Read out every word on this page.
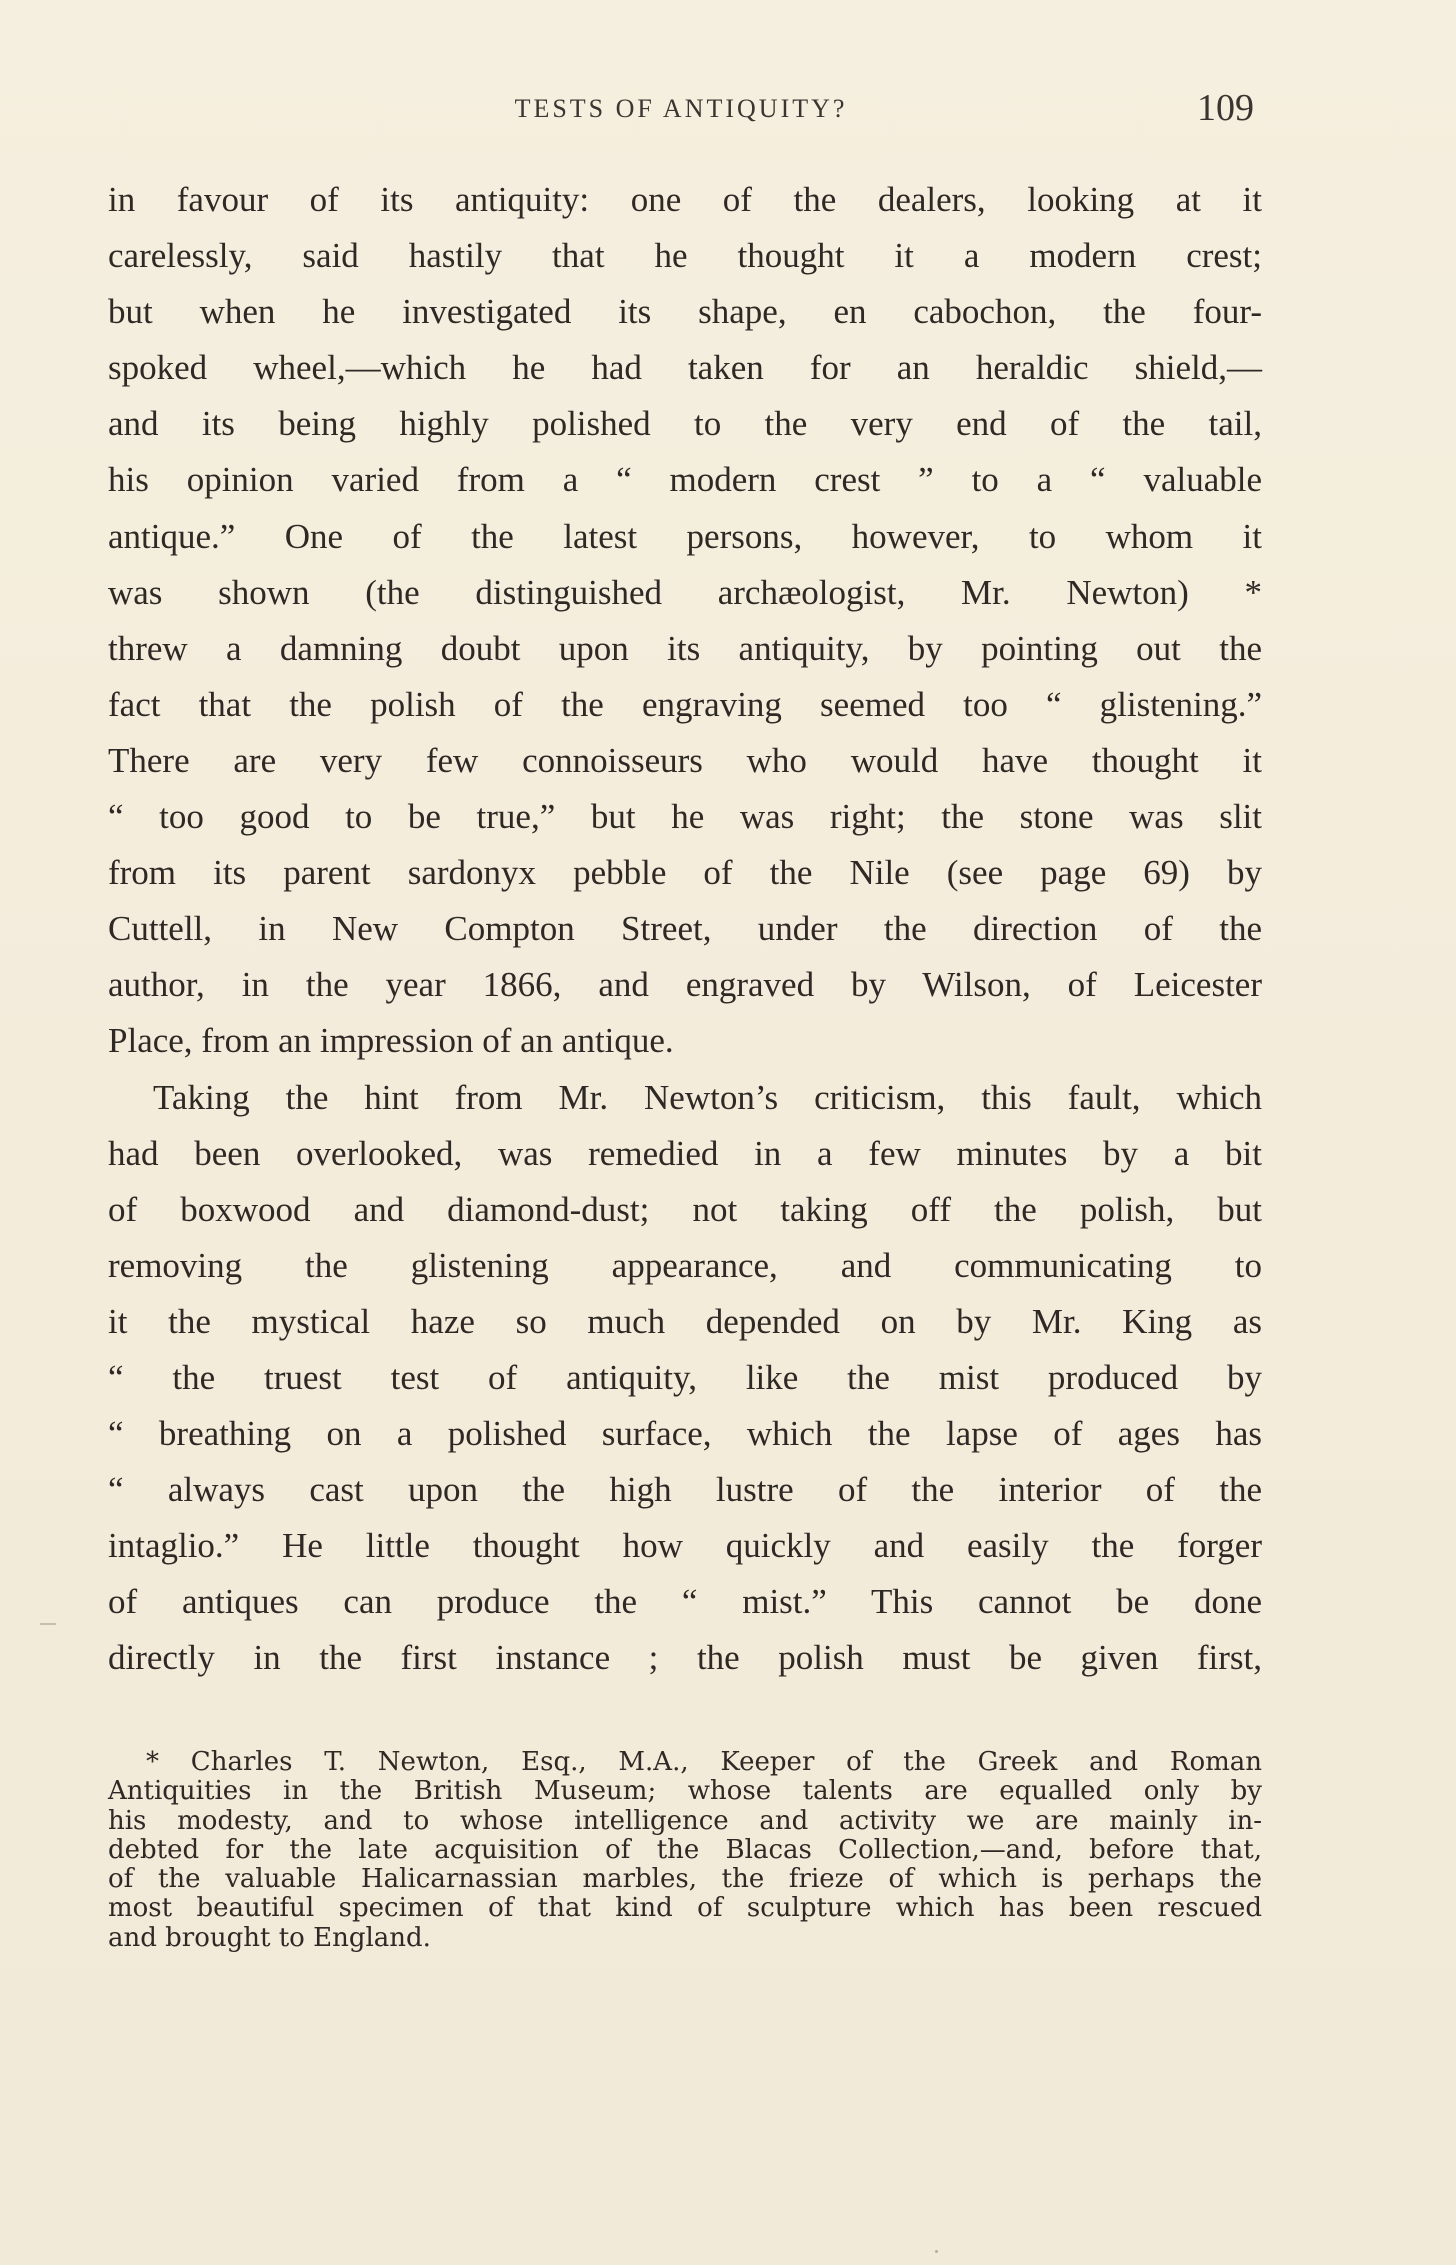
TESTS OF ANTIQUITY?	109
in favour of its antiquity: one of the dealers, looking at it
carelessly, said hastily that he thought it a modern crest;
but when he investigated its shape, en cabochon, the four-
spoked wheel,—which he had taken for an heraldic shield,—
and its being highly polished to the very end of the tail,
his opinion varied from a “ modern crest ” to a “ valuable
antique.” One of the latest persons, however, to whom it
was shown (the distinguished archæologist, Mr. Newton) *
threw a damning doubt upon its antiquity, by pointing out the
fact that the polish of the engraving seemed too “ glistening.”
There are very few connoisseurs who would have thought it
“ too good to be true,” but he was right; the stone was slit
from its parent sardonyx pebble of the Nile (see page 69) by
Cuttell, in New Compton Street, under the direction of the
author, in the year 1866, and engraved by Wilson, of Leicester
Place, from an impression of an antique.
Taking the hint from Mr. Newton’s criticism, this fault, which
had been overlooked, was remedied in a few minutes by a bit
of boxwood and diamond-dust; not taking off the polish, but
removing the glistening appearance, and communicating to
it the mystical haze so much depended on by Mr. King as
“ the truest test of antiquity, like the mist produced by
“ breathing on a polished surface, which the lapse of ages has
“ always cast upon the high lustre of the interior of the
intaglio.” He little thought how quickly and easily the forger
of antiques can produce the “ mist.” This cannot be done
directly in the first instance ; the polish must be given first,
* Charles T. Newton, Esq., M.A., Keeper of the Greek and Roman
Antiquities in the British Museum; whose talents are equalled only by
his modesty, and to whose intelligence and activity we are mainly in-
debted for the late acquisition of the Blacas Collection,—and, before that,
of the valuable Halicarnassian marbles, the frieze of which is perhaps the
most beautiful specimen of that kind of sculpture which has been rescued
and brought to England.
